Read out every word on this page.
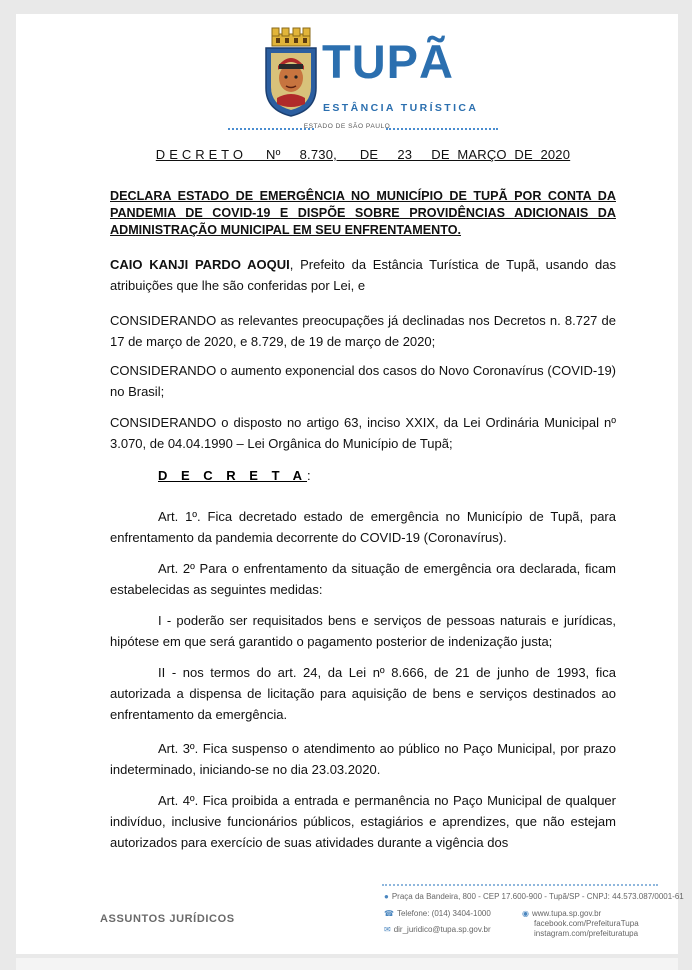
TUPÃ
ESTÂNCIA TURÍSTICA
ESTADO DE SÃO PAULO
D E C R E T O      Nº     8.730,      DE     23     DE  MARÇO  DE  2020
DECLARA ESTADO DE EMERGÊNCIA NO MUNICÍPIO DE TUPÃ POR CONTA DA PANDEMIA DE COVID-19 E DISPÕE SOBRE PROVIDÊNCIAS ADICIONAIS DA ADMINISTRAÇÃO MUNICIPAL EM SEU ENFRENTAMENTO.
CAIO KANJI PARDO AOQUI, Prefeito da Estância Turística de Tupã, usando das atribuições que lhe são conferidas por Lei, e
CONSIDERANDO as relevantes preocupações já declinadas nos Decretos n. 8.727 de 17 de março de 2020, e 8.729, de 19 de março de 2020;
CONSIDERANDO o aumento exponencial dos casos do Novo Coronavírus (COVID-19) no Brasil;
CONSIDERANDO o disposto no artigo 63, inciso XXIX, da Lei Ordinária Municipal nº 3.070, de 04.04.1990 – Lei Orgânica do Município de Tupã;
D E C R E T A:
Art. 1º. Fica decretado estado de emergência no Município de Tupã, para enfrentamento da pandemia decorrente do COVID-19 (Coronavírus).
Art. 2º Para o enfrentamento da situação de emergência ora declarada, ficam estabelecidas as seguintes medidas:
I - poderão ser requisitados bens e serviços de pessoas naturais e jurídicas, hipótese em que será garantido o pagamento posterior de indenização justa;
II - nos termos do art. 24, da Lei nº 8.666, de 21 de junho de 1993, fica autorizada a dispensa de licitação para aquisição de bens e serviços destinados ao enfrentamento da emergência.
Art. 3º. Fica suspenso o atendimento ao público no Paço Municipal, por prazo indeterminado, iniciando-se no dia 23.03.2020.
Art. 4º. Fica proibida a entrada e permanência no Paço Municipal de qualquer indivíduo, inclusive funcionários públicos, estagiários e aprendizes, que não estejam autorizados para exercício de suas atividades durante a vigência dos
ASSUNTOS JURÍDICOS
● Praça da Bandeira, 800 - CEP 17.600-900 - Tupã/SP - CNPJ: 44.573.087/0001-61
☎ Telefone: (014) 3404-1000
✉ dir_juridico@tupa.sp.gov.br
◉ www.tupa.sp.gov.br
facebook.com/PrefeituraTupa
instagram.com/prefeituratupa
